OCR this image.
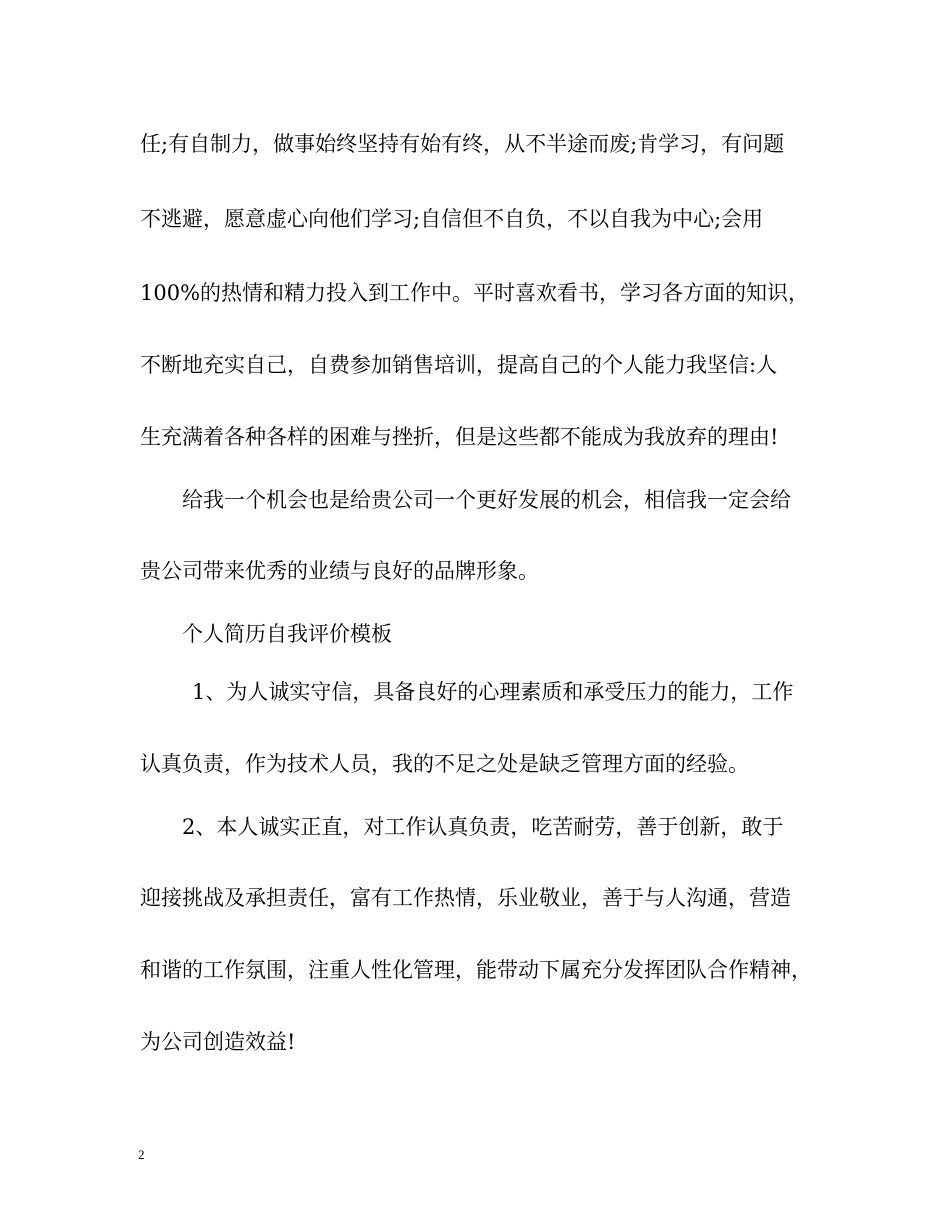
任;有自制力，做事始终坚持有始有终，从不半途而废;肯学习，有问题
不逃避，愿意虚心向他们学习;自信但不自负，不以自我为中心;会用
100%的热情和精力投入到工作中。平时喜欢看书，学习各方面的知识，
不断地充实自己，自费参加销售培训，提高自己的个人能力我坚信:人
生充满着各种各样的困难与挫折，但是这些都不能成为我放弃的理由!
给我一个机会也是给贵公司一个更好发展的机会，相信我一定会给
贵公司带来优秀的业绩与良好的品牌形象。
个人简历自我评价模板
1、为人诚实守信，具备良好的心理素质和承受压力的能力，工作
认真负责，作为技术人员，我的不足之处是缺乏管理方面的经验。
2、本人诚实正直，对工作认真负责，吃苦耐劳，善于创新，敢于
迎接挑战及承担责任，富有工作热情，乐业敬业，善于与人沟通，营造
和谐的工作氛围，注重人性化管理，能带动下属充分发挥团队合作精神，
为公司创造效益!
2
